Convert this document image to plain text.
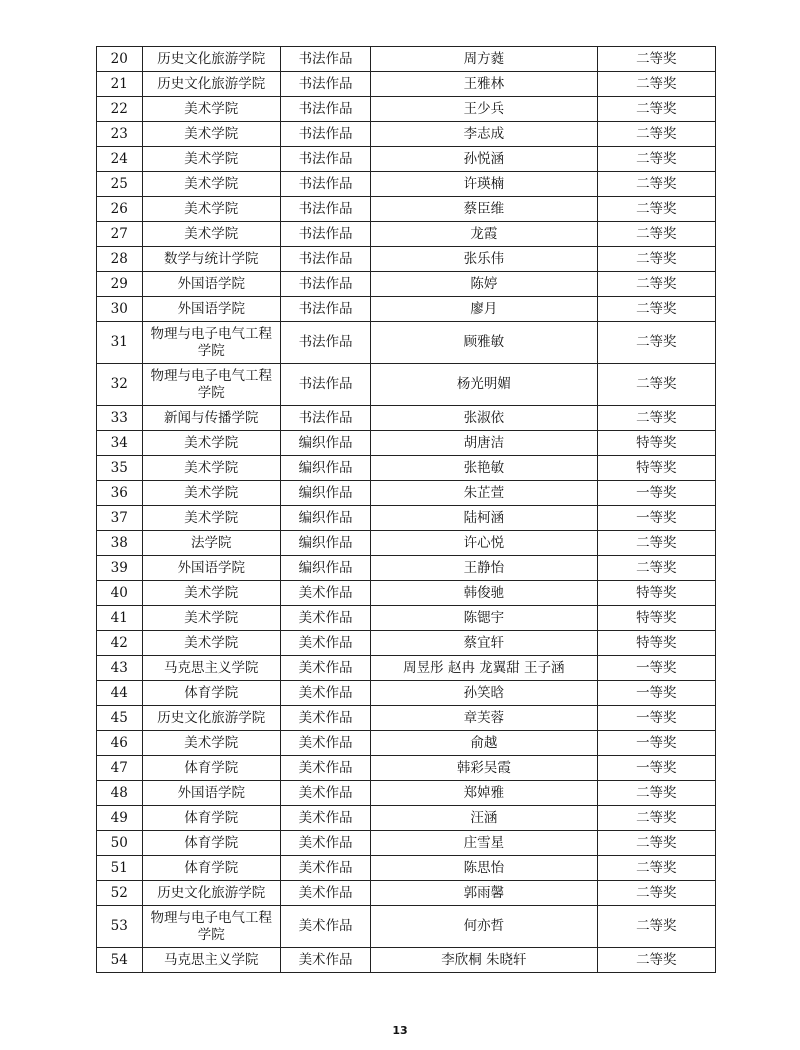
20	历史文化旅游学院	书法作品	周方蕤	二等奖
21	历史文化旅游学院	书法作品	王雅林	二等奖
22	美术学院	书法作品	王少兵	二等奖
23	美术学院	书法作品	李志成	二等奖
24	美术学院	书法作品	孙悦涵	二等奖
25	美术学院	书法作品	许瑛楠	二等奖
26	美术学院	书法作品	蔡臣维	二等奖
27	美术学院	书法作品	龙霞	二等奖
28	数学与统计学院	书法作品	张乐伟	二等奖
29	外国语学院	书法作品	陈婷	二等奖
30	外国语学院	书法作品	廖月	二等奖
31	物理与电子电气工程学院	书法作品	顾雅敏	二等奖
32	物理与电子电气工程学院	书法作品	杨光明媚	二等奖
33	新闻与传播学院	书法作品	张淑依	二等奖
34	美术学院	编织作品	胡唐洁	特等奖
35	美术学院	编织作品	张艳敏	特等奖
36	美术学院	编织作品	朱芷萱	一等奖
37	美术学院	编织作品	陆柯涵	一等奖
38	法学院	编织作品	许心悦	二等奖
39	外国语学院	编织作品	王静怡	二等奖
40	美术学院	美术作品	韩俊驰	特等奖
41	美术学院	美术作品	陈锶宇	特等奖
42	美术学院	美术作品	蔡宜轩	特等奖
43	马克思主义学院	美术作品	周昱彤 赵冉 龙翼甜 王子涵	一等奖
44	体育学院	美术作品	孙笑晗	一等奖
45	历史文化旅游学院	美术作品	章芙蓉	一等奖
46	美术学院	美术作品	俞越	一等奖
47	体育学院	美术作品	韩彩吴霞	一等奖
48	外国语学院	美术作品	郑婥雅	二等奖
49	体育学院	美术作品	汪涵	二等奖
50	体育学院	美术作品	庄雪星	二等奖
51	体育学院	美术作品	陈思怡	二等奖
52	历史文化旅游学院	美术作品	郭雨馨	二等奖
53	物理与电子电气工程学院	美术作品	何亦哲	二等奖
54	马克思主义学院	美术作品	李欣桐 朱晓轩	二等奖
13
